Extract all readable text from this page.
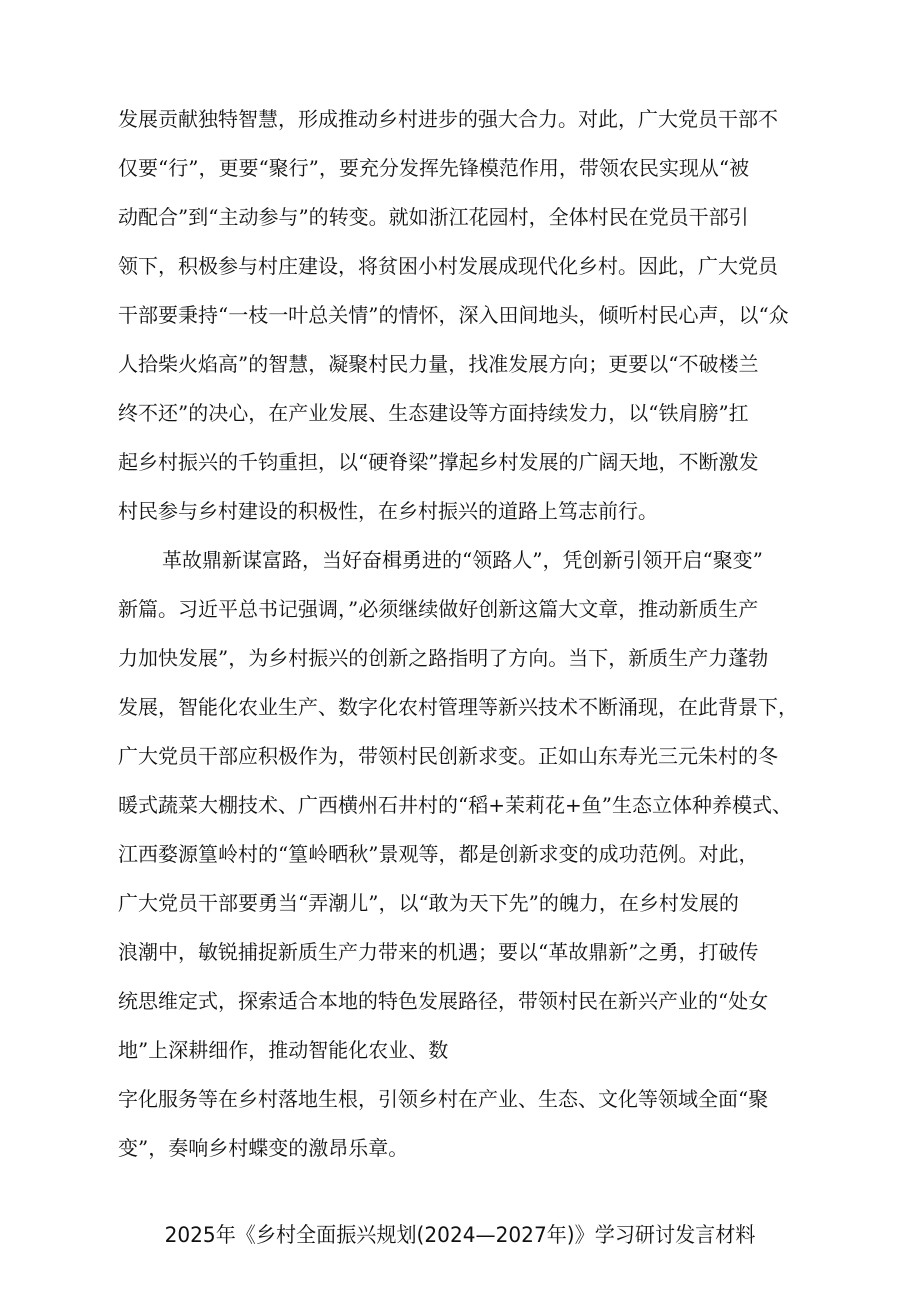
发展贡献独特智慧，形成推动乡村进步的强大合力。对此，广大党员干部不
仅要“行”，更要“聚行”，要充分发挥先锋模范作用，带领农民实现从“被
动配合”到“主动参与”的转变。就如浙江花园村，全体村民在党员干部引
领下，积极参与村庄建设，将贫困小村发展成现代化乡村。因此，广大党员
干部要秉持“一枝一叶总关情”的情怀，深入田间地头，倾听村民心声，以“众
人拾柴火焰高”的智慧，凝聚村民力量，找准发展方向；更要以“不破楼兰
终不还”的决心，在产业发展、生态建设等方面持续发力，以“铁肩膀”扛
起乡村振兴的千钧重担，以“硬脊梁”撑起乡村发展的广阔天地，不断激发
村民参与乡村建设的积极性，在乡村振兴的道路上笃志前行。
革故鼎新谋富路，当好奋楫勇进的“领路人”，凭创新引领开启“聚变”
新篇。习近平总书记强调，”必须继续做好创新这篇大文章，推动新质生产
力加快发展”，为乡村振兴的创新之路指明了方向。当下，新质生产力蓬勃
发展，智能化农业生产、数字化农村管理等新兴技术不断涌现，在此背景下，
广大党员干部应积极作为，带领村民创新求变。正如山东寿光三元朱村的冬
暖式蔬菜大棚技术、广西横州石井村的“稻+茉莉花+鱼”生态立体种养模式、
江西婺源篁岭村的“篁岭晒秋”景观等，都是创新求变的成功范例。对此，
广大党员干部要勇当“弄潮儿”，以“敢为天下先”的魄力，在乡村发展的
浪潮中，敏锐捕捉新质生产力带来的机遇；要以“革故鼎新”之勇，打破传
统思维定式，探索适合本地的特色发展路径，带领村民在新兴产业的“处女
地”上深耕细作，推动智能化农业、数
字化服务等在乡村落地生根，引领乡村在产业、生态、文化等领域全面“聚
变”，奏响乡村蝶变的激昂乐章。
2025年《乡村全面振兴规划(2024—2027年)》学习研讨发言材料
